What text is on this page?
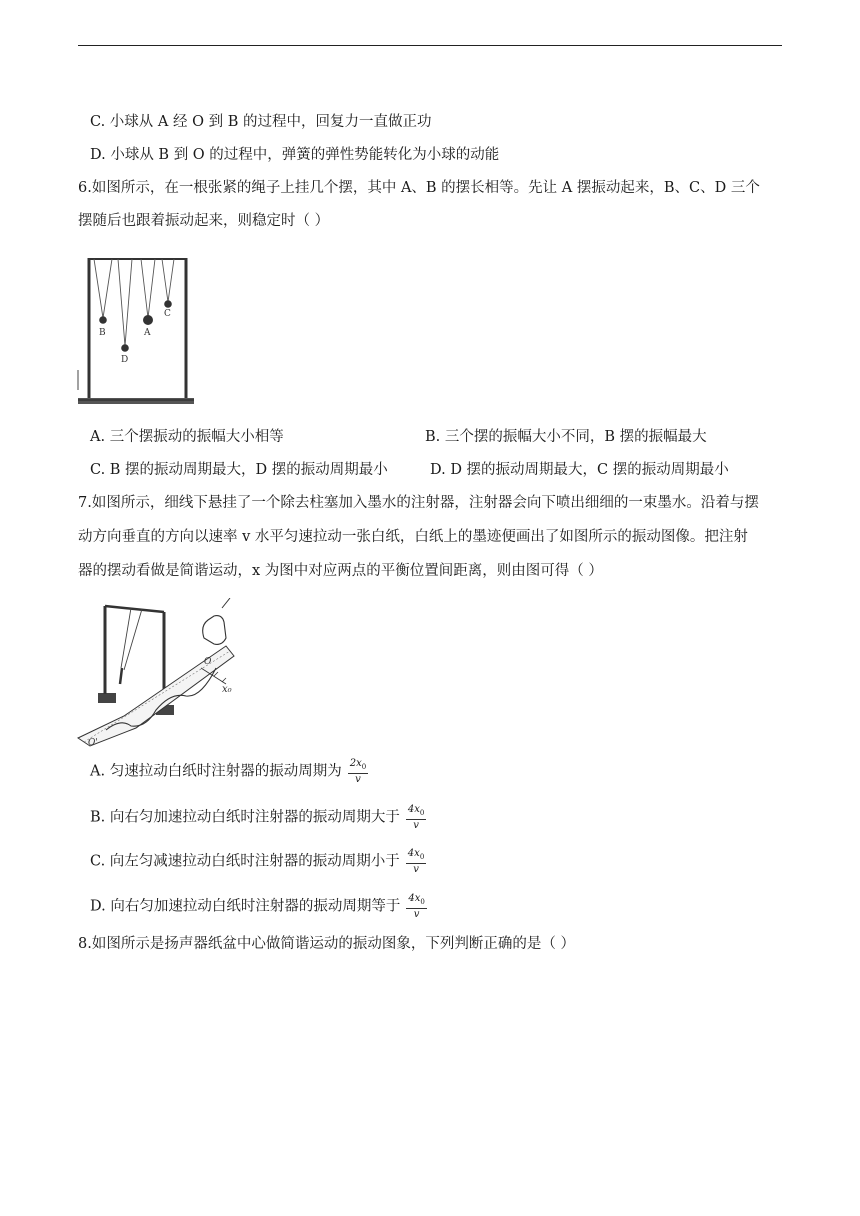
C. 小球从 A 经 O 到 B 的过程中，回复力一直做正功
D. 小球从 B 到 O 的过程中，弹簧的弹性势能转化为小球的动能
6.如图所示，在一根张紧的绳子上挂几个摆，其中 A、B 的摆长相等。先让 A 摆振动起来，B、C、D 三个
摆随后也跟着振动起来，则稳定时（ ）
B
D
A
C
A. 三个摆振动的振幅大小相等	B. 三个摆的振幅大小不同，B 摆的振幅最大
C. B 摆的振动周期最大，D 摆的振动周期最小	D. D 摆的振动周期最大，C 摆的振动周期最小
7.如图所示，细线下悬挂了一个除去柱塞加入墨水的注射器，注射器会向下喷出细细的一束墨水。沿着与摆
动方向垂直的方向以速率 v 水平匀速拉动一张白纸，白纸上的墨迹便画出了如图所示的振动图像。把注射
器的摆动看做是简谐运动，x 为图中对应两点的平衡位置间距离，则由图可得（ ）
x₀
O
O'
A. 匀速拉动白纸时注射器的振动周期为 $\frac{2x_0}{v}$
B. 向右匀加速拉动白纸时注射器的振动周期大于 $\frac{4x_0}{v}$
C. 向左匀减速拉动白纸时注射器的振动周期小于 $\frac{4x_0}{v}$
D. 向右匀加速拉动白纸时注射器的振动周期等于 $\frac{4x_0}{v}$
8.如图所示是扬声器纸盆中心做简谐运动的振动图象，下列判断正确的是（ ）
